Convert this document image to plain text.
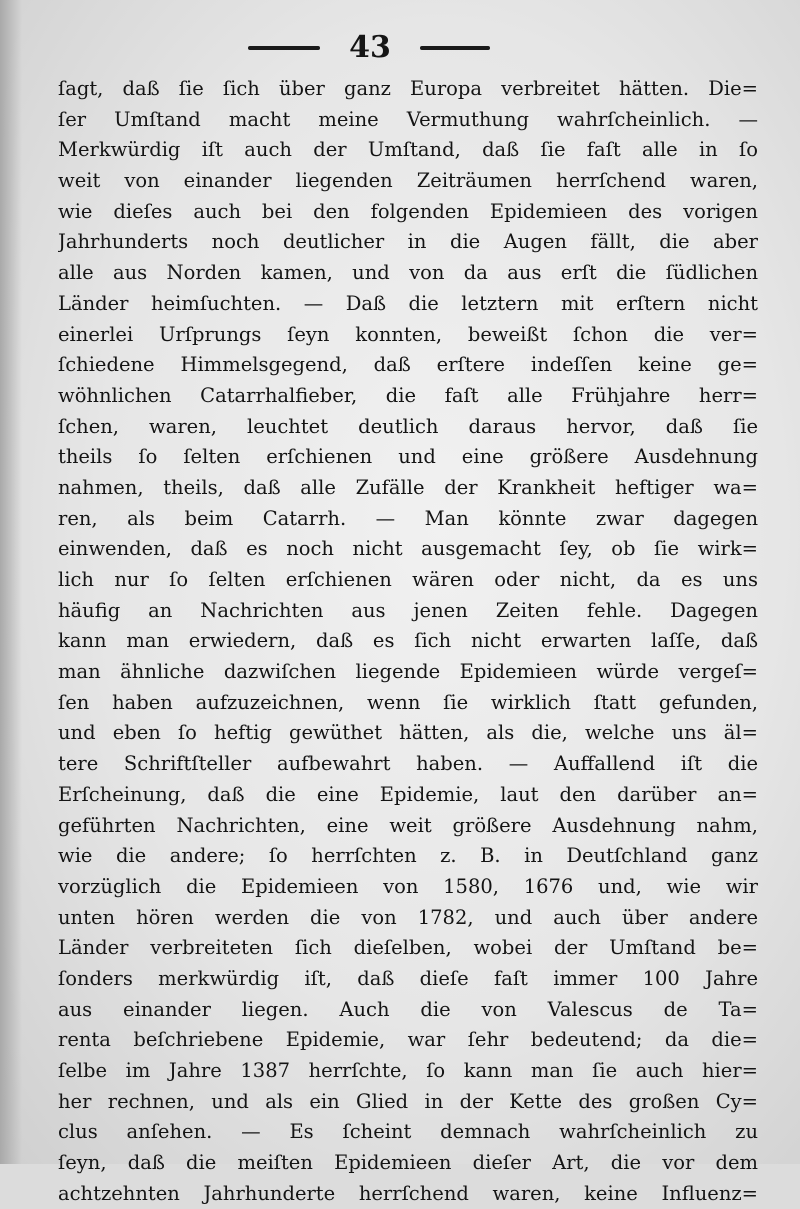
43
ſagt, daß ſie ſich über ganz Europa verbreitet hätten. Die=
ſer Umſtand macht meine Vermuthung wahrſcheinlich. —
Merkwürdig iſt auch der Umſtand, daß ſie faſt alle in ſo
weit von einander liegenden Zeiträumen herrſchend waren,
wie dieſes auch bei den folgenden Epidemieen des vorigen
Jahrhunderts noch deutlicher in die Augen fällt, die aber
alle aus Norden kamen, und von da aus erſt die ſüdlichen
Länder heimſuchten. — Daß die letztern mit erſtern nicht
einerlei Urſprungs ſeyn konnten, beweißt ſchon die ver=
ſchiedene Himmelsgegend, daß erſtere indeſſen keine ge=
wöhnlichen Catarrhalfieber, die faſt alle Frühjahre herr=
ſchen, waren, leuchtet deutlich daraus hervor, daß ſie
theils ſo ſelten erſchienen und eine größere Ausdehnung
nahmen, theils, daß alle Zufälle der Krankheit heftiger wa=
ren, als beim Catarrh. — Man könnte zwar dagegen
einwenden, daß es noch nicht ausgemacht ſey, ob ſie wirk=
lich nur ſo ſelten erſchienen wären oder nicht, da es uns
häufig an Nachrichten aus jenen Zeiten fehle. Dagegen
kann man erwiedern, daß es ſich nicht erwarten laſſe, daß
man ähnliche dazwiſchen liegende Epidemieen würde vergeſ=
ſen haben aufzuzeichnen, wenn ſie wirklich ſtatt gefunden,
und eben ſo heftig gewüthet hätten, als die, welche uns äl=
tere Schriftſteller aufbewahrt haben. — Auffallend iſt die
Erſcheinung, daß die eine Epidemie, laut den darüber an=
geführten Nachrichten, eine weit größere Ausdehnung nahm,
wie die andere; ſo herrſchten z. B. in Deutſchland ganz
vorzüglich die Epidemieen von 1580, 1676 und, wie wir
unten hören werden die von 1782, und auch über andere
Länder verbreiteten ſich dieſelben, wobei der Umſtand be=
ſonders merkwürdig iſt, daß dieſe faſt immer 100 Jahre
aus einander liegen. Auch die von Valescus de Ta=
renta beſchriebene Epidemie, war ſehr bedeutend; da die=
ſelbe im Jahre 1387 herrſchte, ſo kann man ſie auch hier=
her rechnen, und als ein Glied in der Kette des großen Cy=
clus anſehen. — Es ſcheint demnach wahrſcheinlich zu
ſeyn, daß die meiſten Epidemieen dieſer Art, die vor dem
achtzehnten Jahrhunderte herrſchend waren, keine Influenz=
